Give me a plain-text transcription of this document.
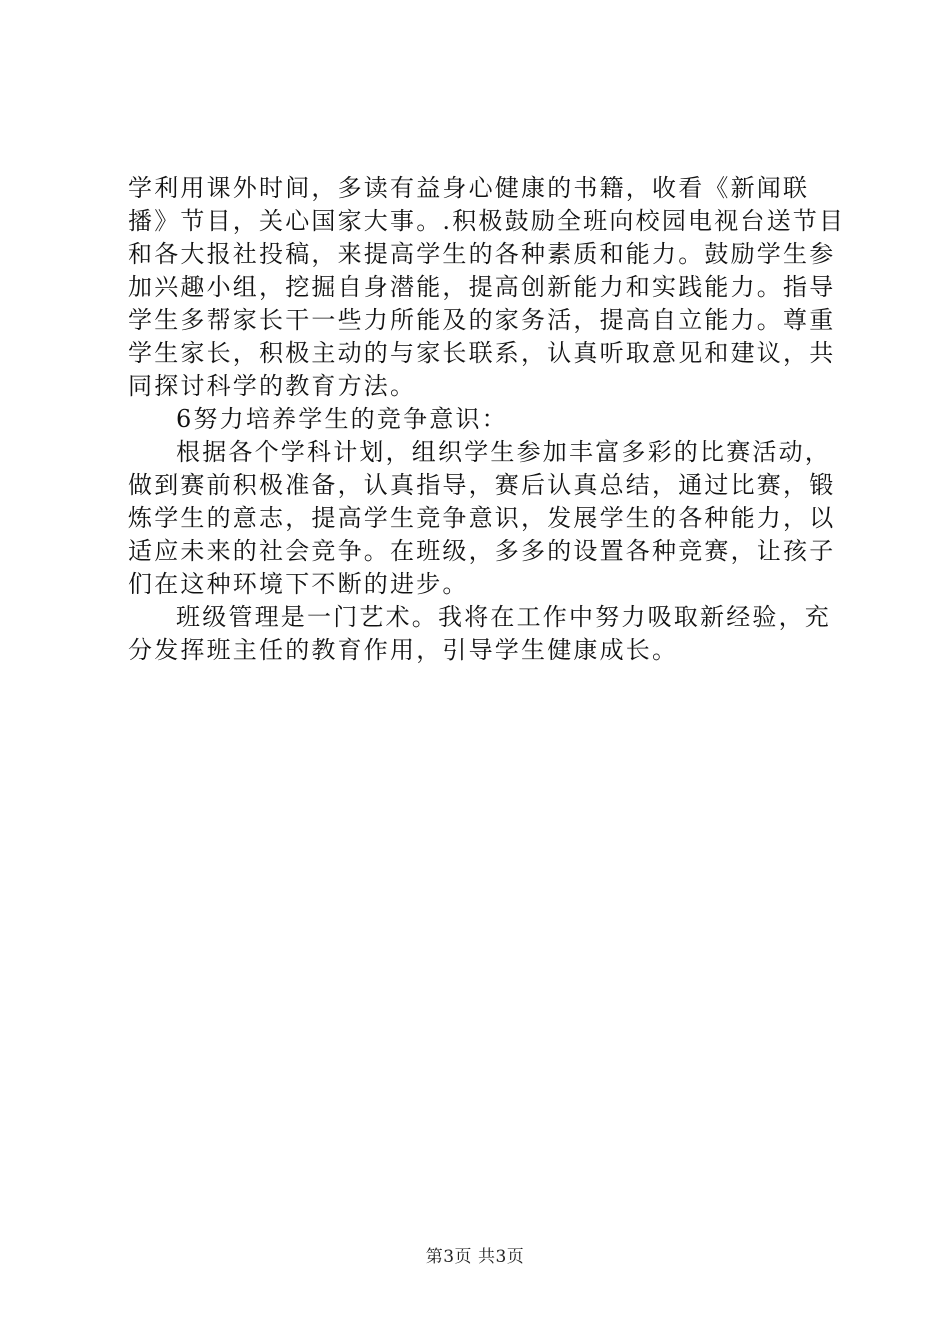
学利用课外时间，多读有益身心健康的书籍，收看《新闻联
播》节目，关心国家大事。.积极鼓励全班向校园电视台送节目
和各大报社投稿，来提高学生的各种素质和能力。鼓励学生参
加兴趣小组，挖掘自身潜能，提高创新能力和实践能力。指导
学生多帮家长干一些力所能及的家务活，提高自立能力。尊重
学生家长，积极主动的与家长联系，认真听取意见和建议，共
同探讨科学的教育方法。
6努力培养学生的竞争意识：
根据各个学科计划，组织学生参加丰富多彩的比赛活动，
做到赛前积极准备，认真指导，赛后认真总结，通过比赛，锻
炼学生的意志，提高学生竞争意识，发展学生的各种能力，以
适应未来的社会竞争。在班级，多多的设置各种竞赛，让孩子
们在这种环境下不断的进步。
班级管理是一门艺术。我将在工作中努力吸取新经验，充
分发挥班主任的教育作用，引导学生健康成长。
第3页 共3页
